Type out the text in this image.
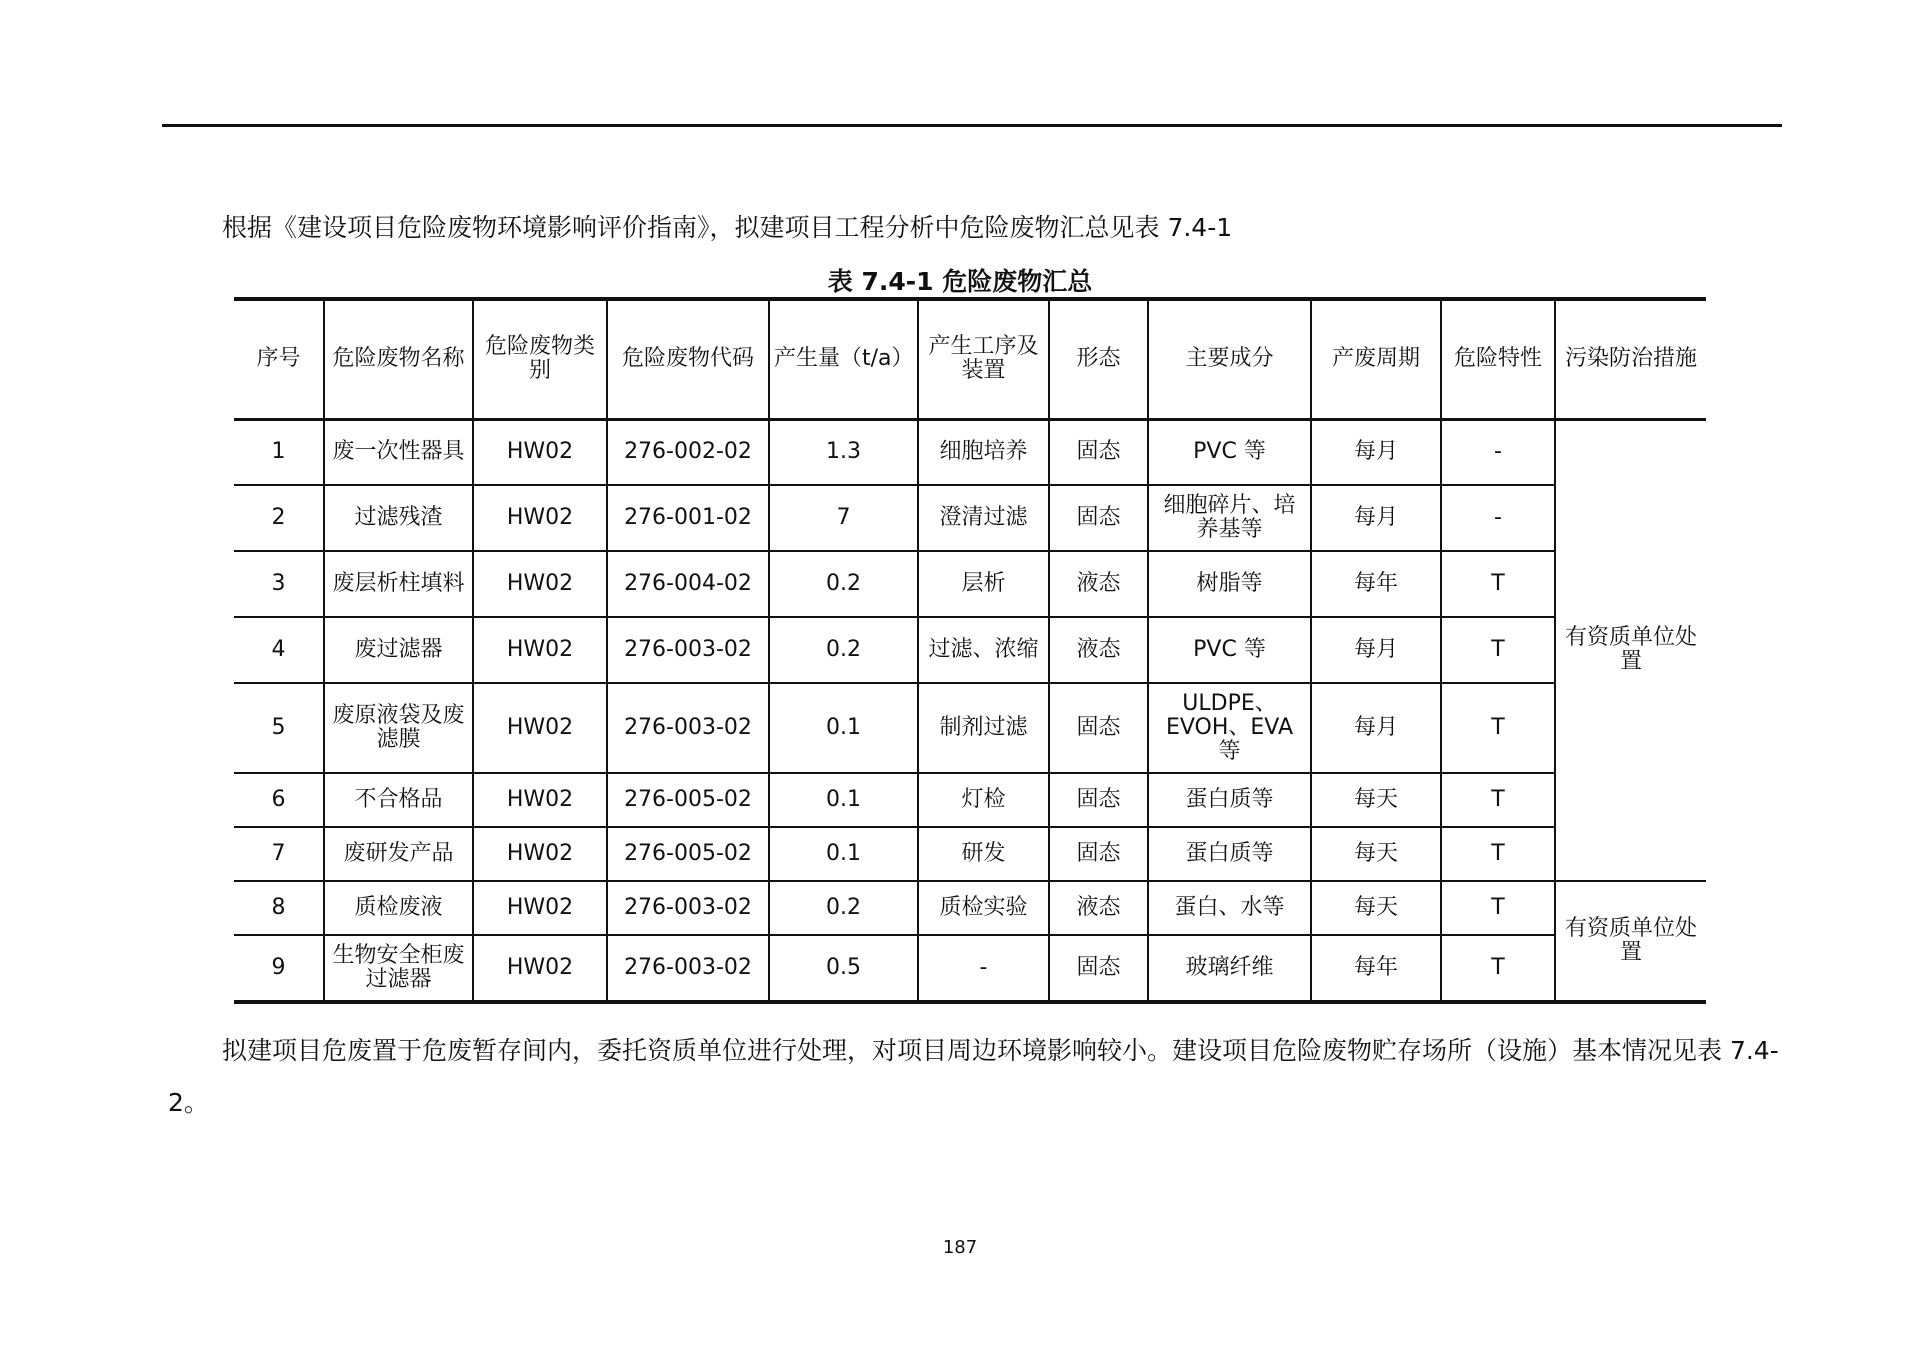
根据《建设项目危险废物环境影响评价指南》，拟建项目工程分析中危险废物汇总见表 7.4-1
表 7.4-1 危险废物汇总
序号	危险废物名称	危险废物类别	危险废物代码	产生量（t/a）	产生工序及装置	形态	主要成分	产废周期	危险特性	污染防治措施
1	废一次性器具	HW02	276-002-02	1.3	细胞培养	固态	PVC 等	每月	-	有资质单位处置
2	过滤残渣	HW02	276-001-02	7	澄清过滤	固态	细胞碎片、培养基等	每月	-	
3	废层析柱填料	HW02	276-004-02	0.2	层析	液态	树脂等	每年	T	
4	废过滤器	HW02	276-003-02	0.2	过滤、浓缩	液态	PVC 等	每月	T	
5	废原液袋及废滤膜	HW02	276-003-02	0.1	制剂过滤	固态	ULDPE、EVOH、EVA 等	每月	T	
6	不合格品	HW02	276-005-02	0.1	灯检	固态	蛋白质等	每天	T	
7	废研发产品	HW02	276-005-02	0.1	研发	固态	蛋白质等	每天	T	
8	质检废液	HW02	276-003-02	0.2	质检实验	液态	蛋白、水等	每天	T	有资质单位处置
9	生物安全柜废过滤器	HW02	276-003-02	0.5	-	固态	玻璃纤维	每年	T	
拟建项目危废置于危废暂存间内，委托资质单位进行处理，对项目周边环境影响较小。建设项目危险废物贮存场所（设施）基本情况见表 7.4-2。
187
